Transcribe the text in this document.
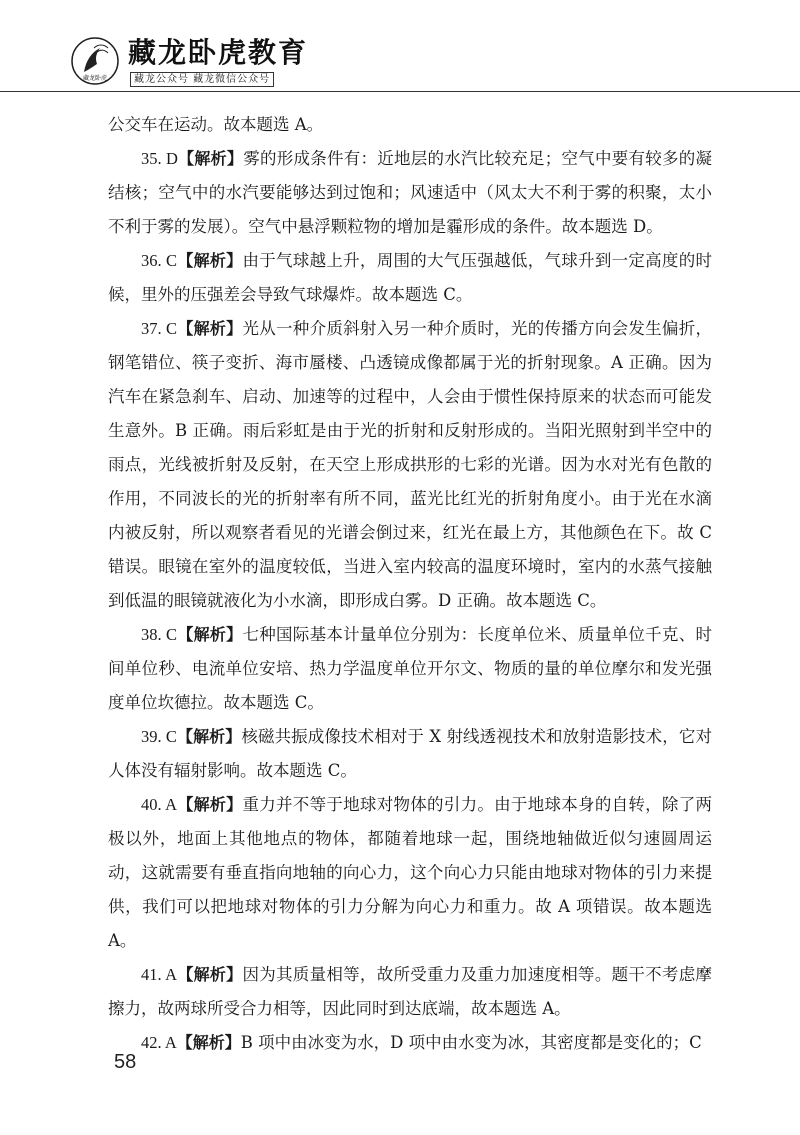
藏龙卧虎
藏龙卧虎教育
藏龙公众号 藏龙微信公众号

公交车在运动。故本题选 A。

35. D【解析】雾的形成条件有：近地层的水汽比较充足；空气中要有较多的凝结核；空气中的水汽要能够达到过饱和；风速适中（风太大不利于雾的积聚，太小不利于雾的发展）。空气中悬浮颗粒物的增加是霾形成的条件。故本题选 D。

36. C【解析】由于气球越上升，周围的大气压强越低，气球升到一定高度的时候，里外的压强差会导致气球爆炸。故本题选 C。

37. C【解析】光从一种介质斜射入另一种介质时，光的传播方向会发生偏折，钢笔错位、筷子变折、海市蜃楼、凸透镜成像都属于光的折射现象。A 正确。因为汽车在紧急刹车、启动、加速等的过程中，人会由于惯性保持原来的状态而可能发生意外。B 正确。雨后彩虹是由于光的折射和反射形成的。当阳光照射到半空中的雨点，光线被折射及反射，在天空上形成拱形的七彩的光谱。因为水对光有色散的作用，不同波长的光的折射率有所不同，蓝光比红光的折射角度小。由于光在水滴内被反射，所以观察者看见的光谱会倒过来，红光在最上方，其他颜色在下。故 C 错误。眼镜在室外的温度较低，当进入室内较高的温度环境时，室内的水蒸气接触到低温的眼镜就液化为小水滴，即形成白雾。D 正确。故本题选 C。

38. C【解析】七种国际基本计量单位分别为：长度单位米、质量单位千克、时间单位秒、电流单位安培、热力学温度单位开尔文、物质的量的单位摩尔和发光强度单位坎德拉。故本题选 C。

39. C【解析】核磁共振成像技术相对于 X 射线透视技术和放射造影技术，它对人体没有辐射影响。故本题选 C。

40. A【解析】重力并不等于地球对物体的引力。由于地球本身的自转，除了两极以外，地面上其他地点的物体，都随着地球一起，围绕地轴做近似匀速圆周运动，这就需要有垂直指向地轴的向心力，这个向心力只能由地球对物体的引力来提供，我们可以把地球对物体的引力分解为向心力和重力。故 A 项错误。故本题选 A。

41. A【解析】因为其质量相等，故所受重力及重力加速度相等。题干不考虑摩擦力，故两球所受合力相等，因此同时到达底端，故本题选 A。

42. A【解析】B 项中由冰变为水，D 项中由水变为冰，其密度都是变化的；C

58
